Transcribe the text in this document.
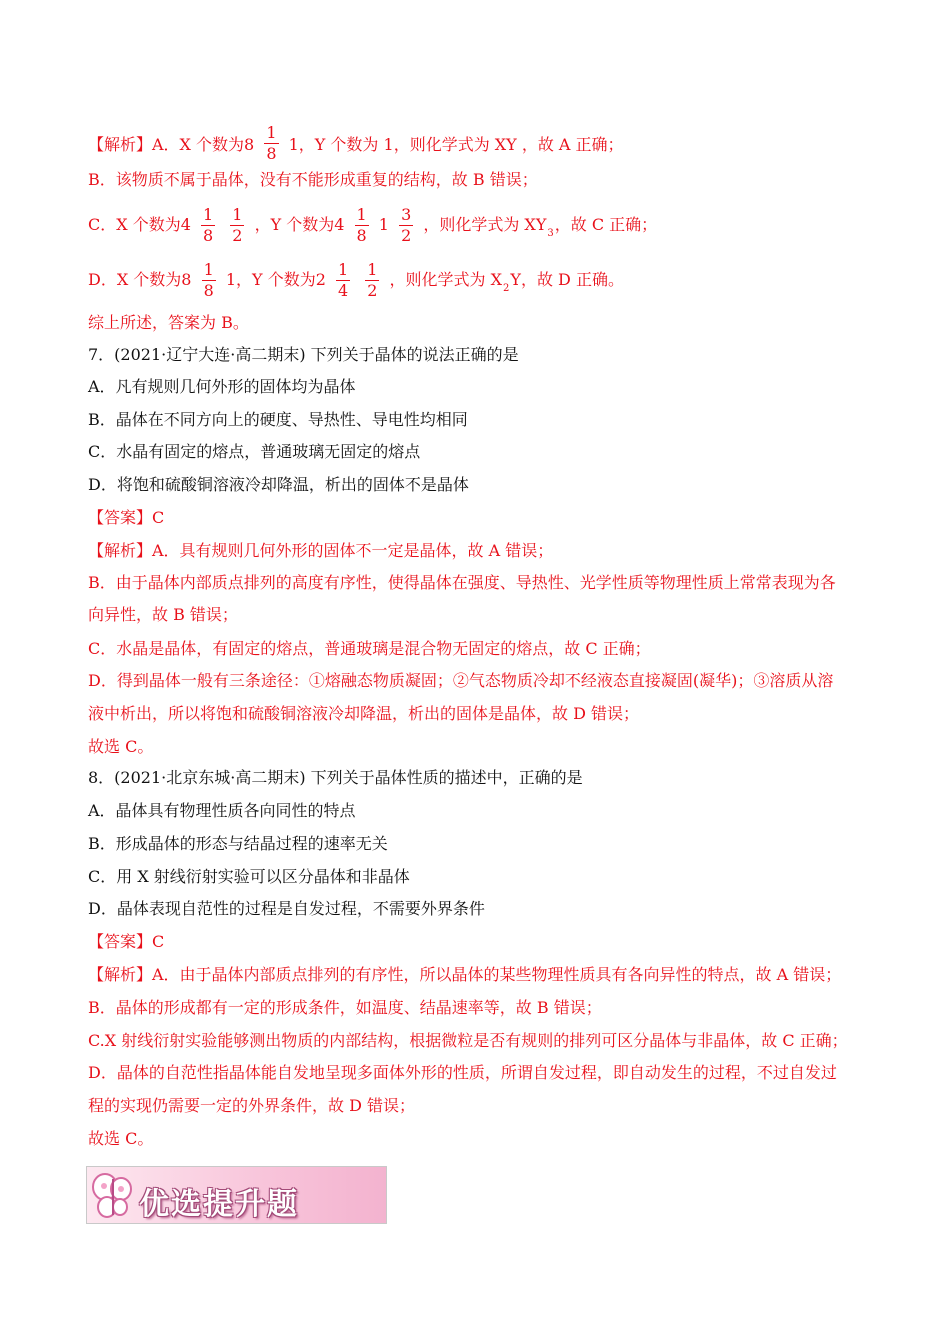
【解析】A．X 个数为$8 \frac{1}{8} 1$，Y 个数为 1，则化学式为 XY ，故 A 正确；
B．该物质不属于晶体，没有不能形成重复的结构，故 B 错误；
C．X 个数为$4 \frac{1}{8}$
$\frac{1}{2}$ ，Y 个数为$4 \frac{1}{8} 1 \frac{3}{2}$ ，则化学式为 $XY_3$，故 C 正确；
D．X 个数为$8 \frac{1}{8} 1$，Y 个数为$2 \frac{1}{4}$
$\frac{1}{2}$ ，则化学式为 $X_2Y$，故 D 正确。
综上所述，答案为 B。
7．(2021·辽宁大连·高二期末) 下列关于晶体的说法正确的是
A．凡有规则几何外形的固体均为晶体
B．晶体在不同方向上的硬度、导热性、导电性均相同
C．水晶有固定的熔点，普通玻璃无固定的熔点
D．将饱和硫酸铜溶液冷却降温，析出的固体不是晶体
【答案】C
【解析】A．具有规则几何外形的固体不一定是晶体，故 A 错误；
B．由于晶体内部质点排列的高度有序性，使得晶体在强度、导热性、光学性质等物理性质上常常表现为各
向异性，故 B 错误；
C．水晶是晶体，有固定的熔点，普通玻璃是混合物无固定的熔点，故 C 正确；
D．得到晶体一般有三条途径：①熔融态物质凝固；②气态物质冷却不经液态直接凝固(凝华)；③溶质从溶
液中析出，所以将饱和硫酸铜溶液冷却降温，析出的固体是晶体，故 D 错误；
故选 C。
8．(2021·北京东城·高二期末) 下列关于晶体性质的描述中，正确的是
A．晶体具有物理性质各向同性的特点
B．形成晶体的形态与结晶过程的速率无关
C．用 X 射线衍射实验可以区分晶体和非晶体
D．晶体表现自范性的过程是自发过程，不需要外界条件
【答案】C
【解析】A．由于晶体内部质点排列的有序性，所以晶体的某些物理性质具有各向异性的特点，故 A 错误；
B．晶体的形成都有一定的形成条件，如温度、结晶速率等，故 B 错误；
C.X 射线衍射实验能够测出物质的内部结构，根据微粒是否有规则的排列可区分晶体与非晶体，故 C 正确；
D．晶体的自范性指晶体能自发地呈现多面体外形的性质，所谓自发过程，即自动发生的过程，不过自发过
程的实现仍需要一定的外界条件，故 D 错误；
故选 C。
优选提升题
